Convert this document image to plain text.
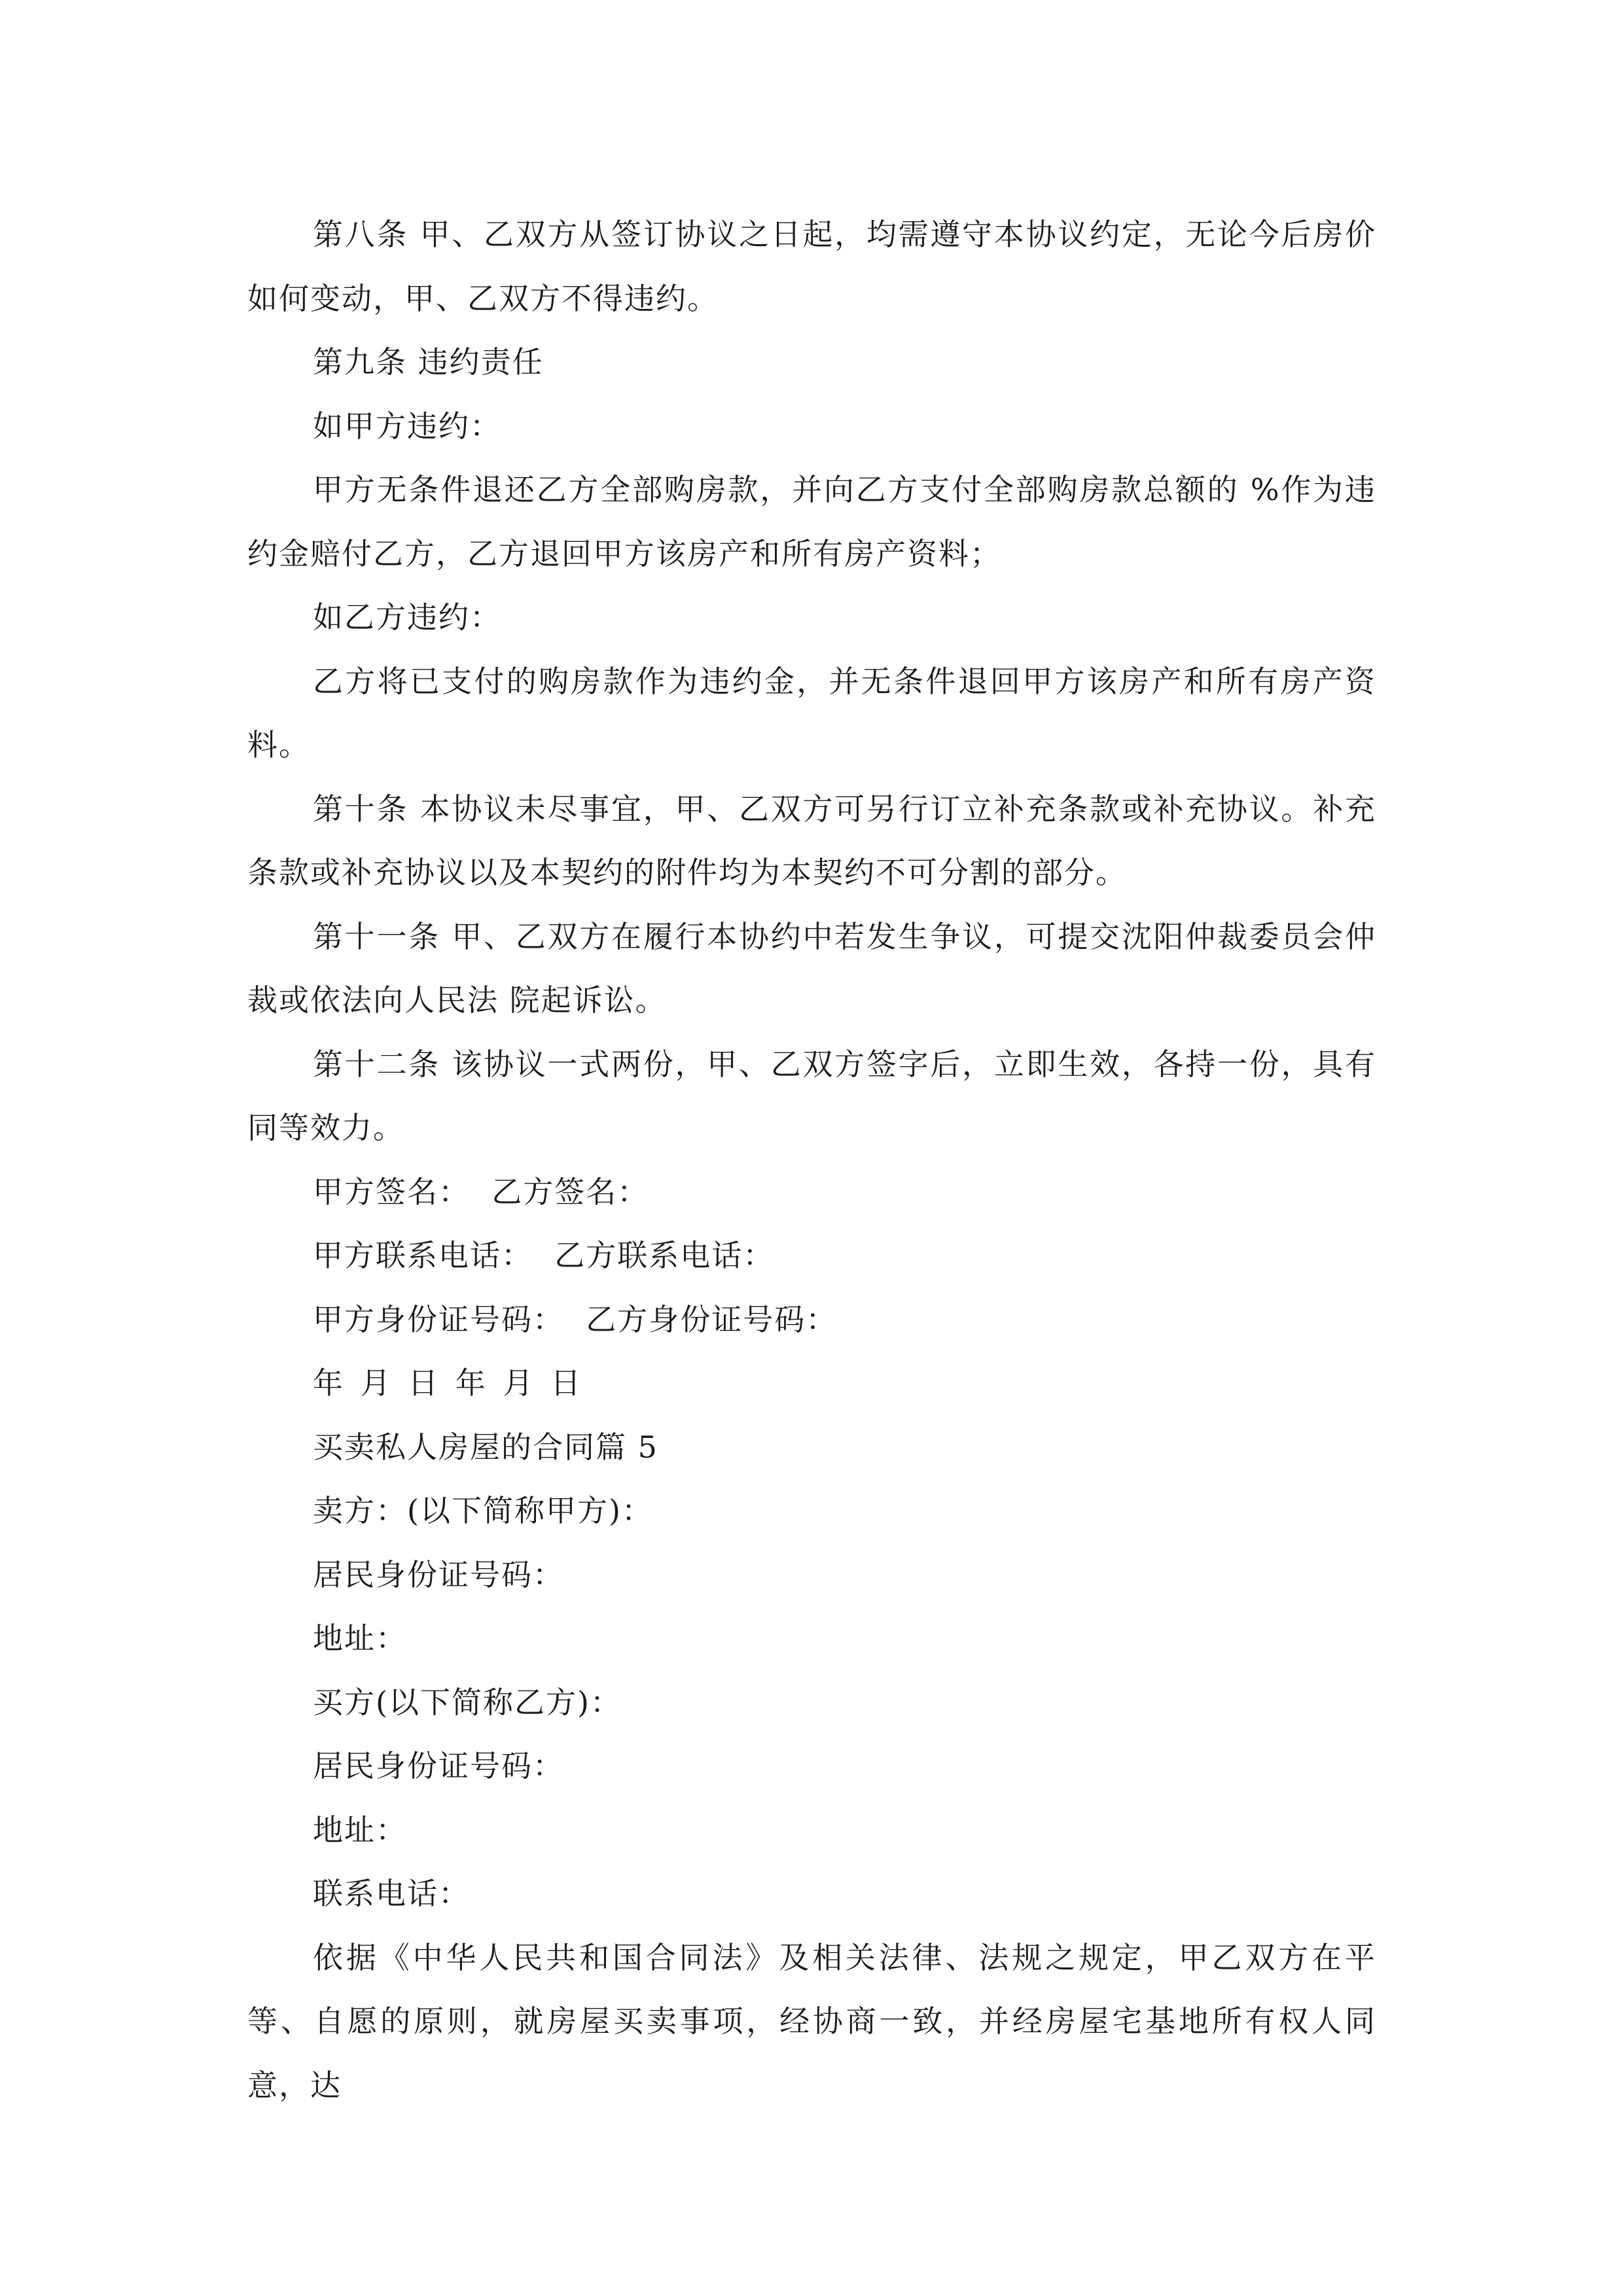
第八条 甲、乙双方从签订协议之日起，均需遵守本协议约定，无论今后房价如何变动，甲、乙双方不得违约。

第九条 违约责任

如甲方违约：

甲方无条件退还乙方全部购房款，并向乙方支付全部购房款总额的 %作为违约金赔付乙方，乙方退回甲方该房产和所有房产资料；

如乙方违约：

乙方将已支付的购房款作为违约金，并无条件退回甲方该房产和所有房产资料。

第十条 本协议未尽事宜，甲、乙双方可另行订立补充条款或补充协议。补充条款或补充协议以及本契约的附件均为本契约不可分割的部分。

第十一条 甲、乙双方在履行本协约中若发生争议，可提交沈阳仲裁委员会仲裁或依法向人民法 院起诉讼。

第十二条 该协议一式两份，甲、乙双方签字后，立即生效，各持一份，具有同等效力。

甲方签名：  乙方签名：

甲方联系电话：  乙方联系电话：

甲方身份证号码：  乙方身份证号码：

年 月 日 年 月 日

买卖私人房屋的合同篇 5

卖方：(以下简称甲方)：

居民身份证号码：

地址：

买方(以下简称乙方)：

居民身份证号码：

地址：

联系电话：

依据《中华人民共和国合同法》及相关法律、法规之规定，甲乙双方在平等、自愿的原则，就房屋买卖事项，经协商一致，并经房屋宅基地所有权人同意，达
